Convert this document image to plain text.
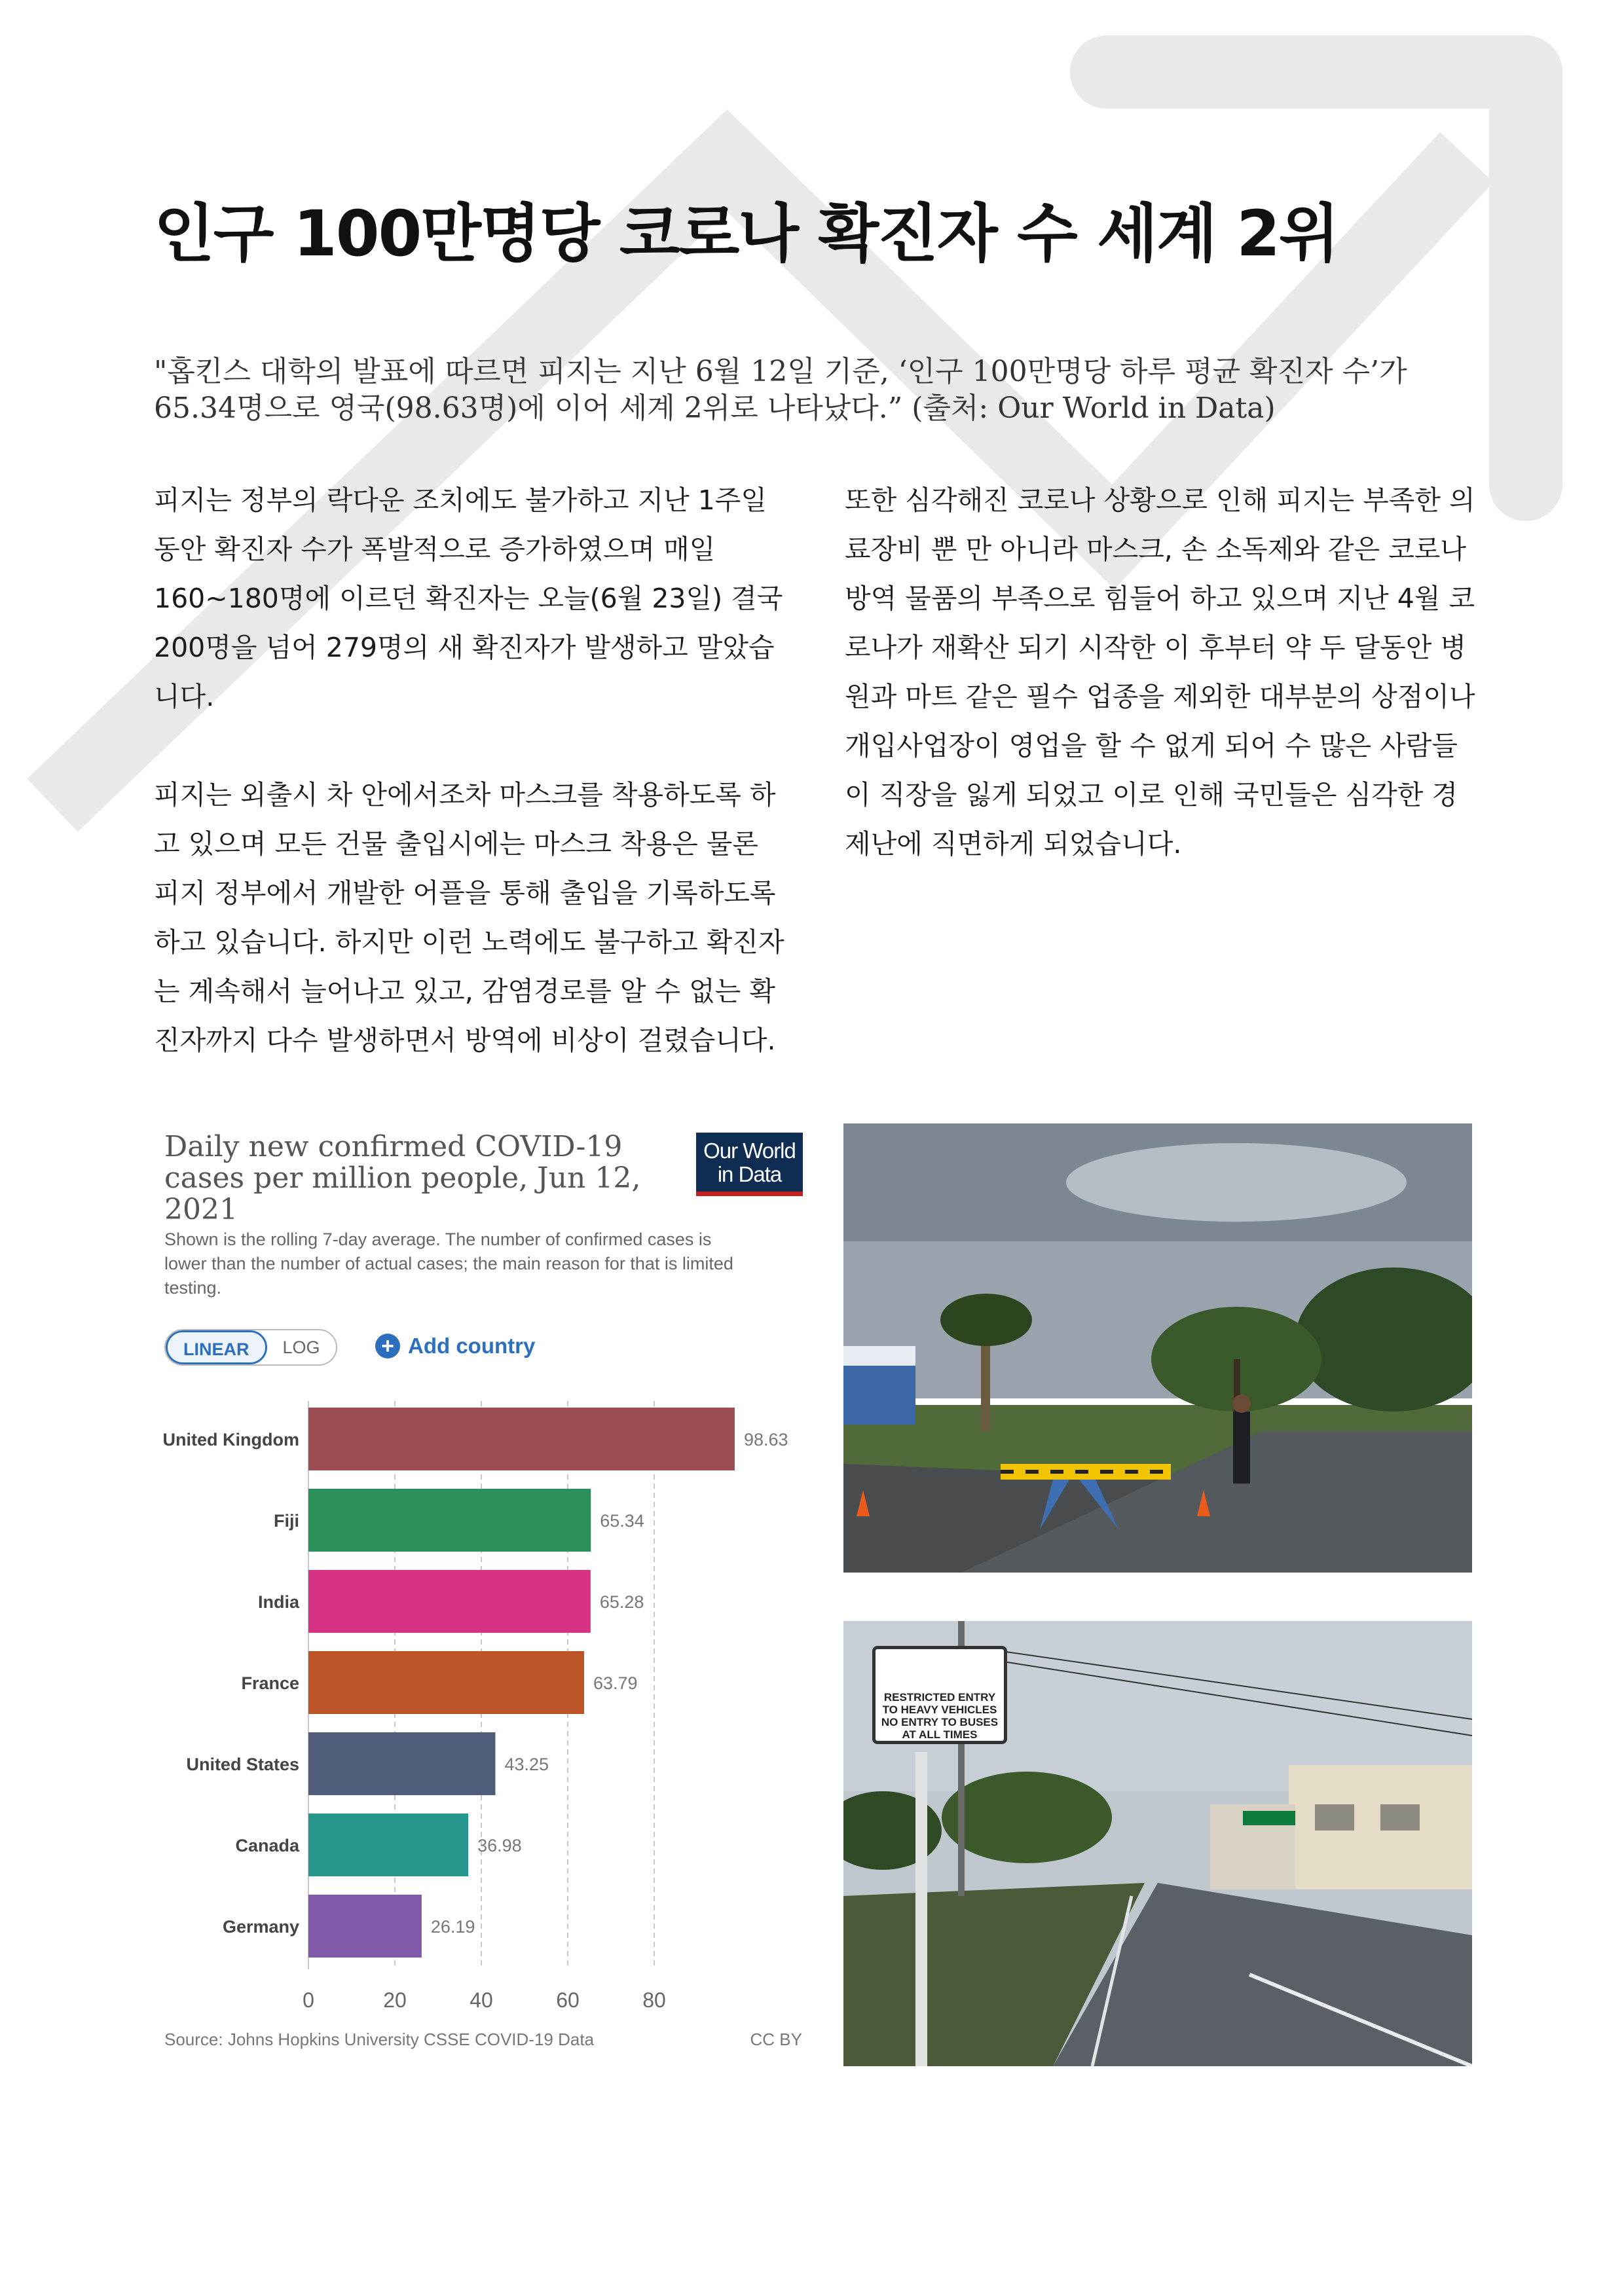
인구 100만명당 코로나 확진자 수 세계 2위
"홉킨스 대학의 발표에 따르면 피지는 지난 6월 12일 기준, ‘인구 100만명당 하루 평균 확진자 수’가 65.34명으로 영국(98.63명)에 이어 세계 2위로 나타났다.” (출처: Our World in Data)

피지는 정부의 락다운 조치에도 불가하고 지난 1주일 동안 확진자 수가 폭발적으로 증가하였으며 매일 160~180명에 이르던 확진자는 오늘(6월 23일) 결국 200명을 넘어 279명의 새 확진자가 발생하고 말았습니다.

피지는 외출시 차 안에서조차 마스크를 착용하도록 하고 있으며 모든 건물 출입시에는 마스크 착용은 물론 피지 정부에서 개발한 어플을 통해 출입을 기록하도록 하고 있습니다. 하지만 이런 노력에도 불구하고 확진자는 계속해서 늘어나고 있고, 감염경로를 알 수 없는 확진자까지 다수 발생하면서 방역에 비상이 걸렸습니다.

또한 심각해진 코로나 상황으로 인해 피지는 부족한 의료장비 뿐 만 아니라 마스크, 손 소독제와 같은 코로나 방역 물품의 부족으로 힘들어 하고 있으며 지난 4월 코로나가 재확산 되기 시작한 이 후부터 약 두 달동안 병원과 마트 같은 필수 업종을 제외한 대부분의 상점이나 개입사업장이 영업을 할 수 없게 되어 수 많은 사람들이 직장을 잃게 되었고 이로 인해 국민들은 심각한 경제난에 직면하게 되었습니다.

Daily new confirmed COVID-19 cases per million people, Jun 12, 2021
Our World
in Data
Shown is the rolling 7-day average. The number of confirmed cases is lower than the number of actual cases; the main reason for that is limited testing.
LINEAR	LOG	+ Add country
0	20	40	60	80
United Kingdom	98.63
Fiji	65.34
India	65.28
France	63.79
United States	43.25
Canada	36.98
Germany	26.19
Source: Johns Hopkins University CSSE COVID-19 Data	CC BY
RESTRICTED ENTRY TO HEAVY VEHICLES NO ENTRY TO BUSES AT ALL TIMES
